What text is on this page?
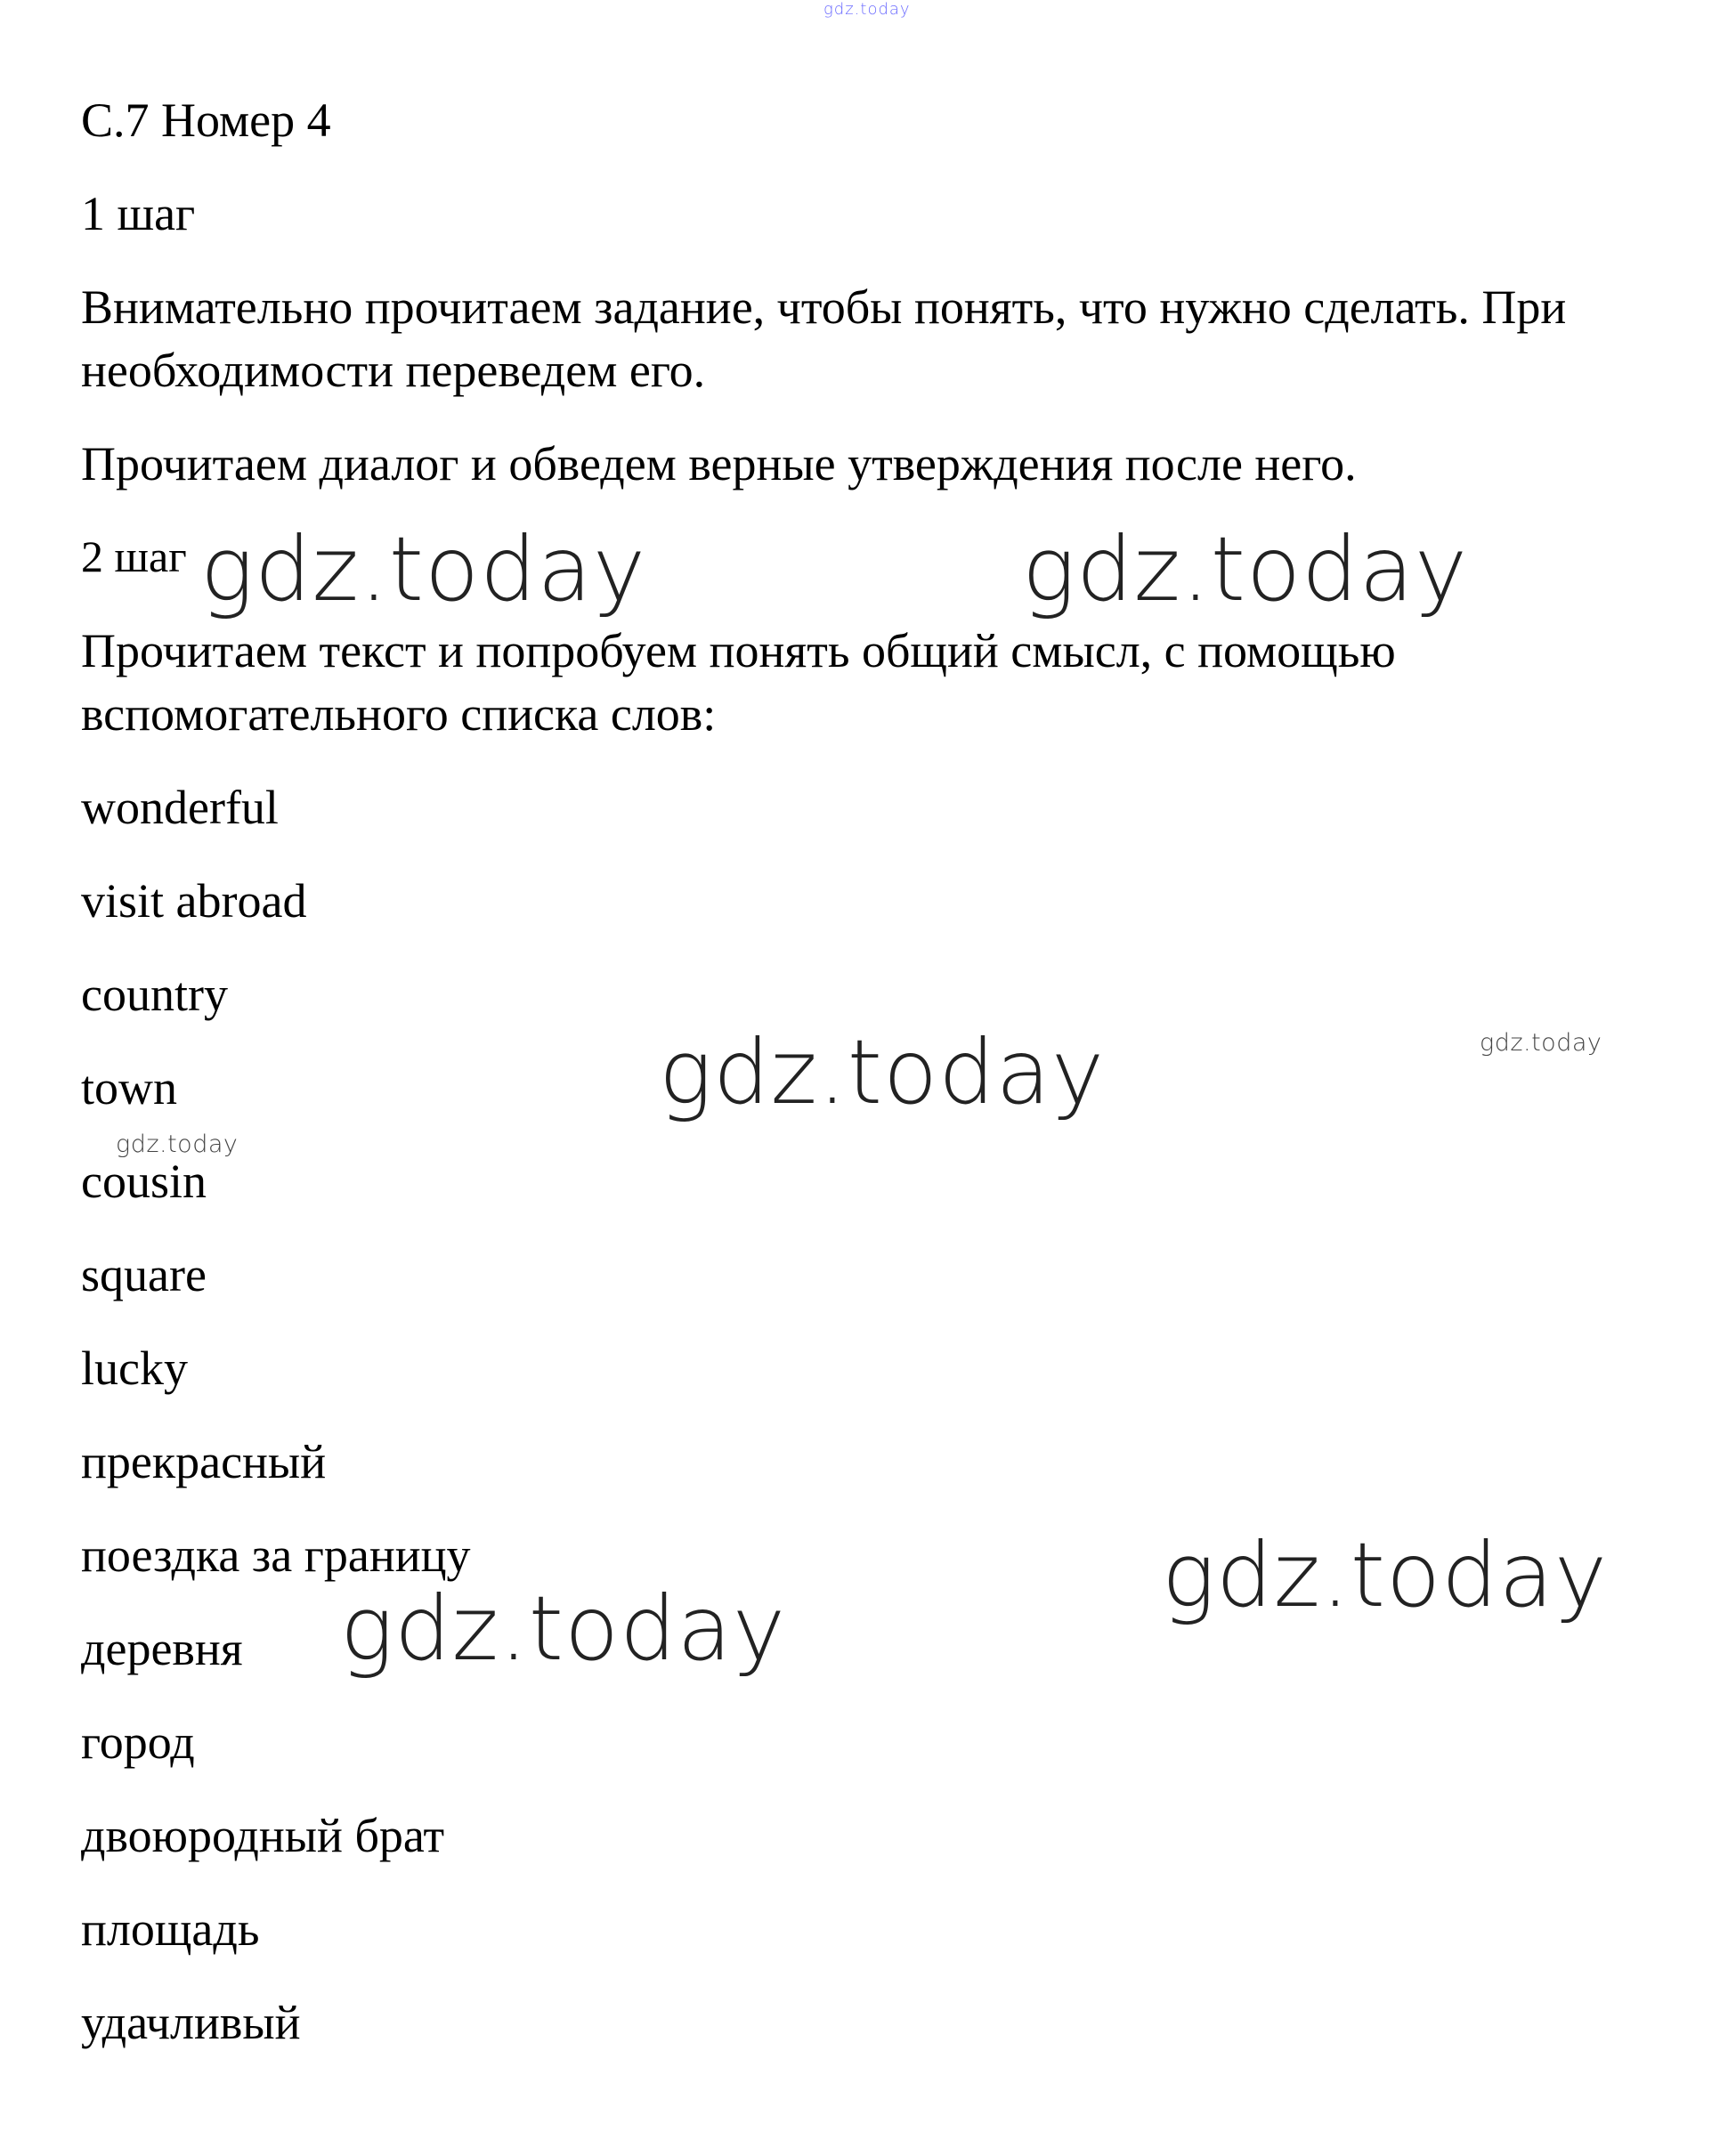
gdz.today
gdz.today	gdz.today
gdz.today	gdz.today
gdz.today
gdz.today
gdz.today
С.7 Номер 4
1 шаг
Внимательно прочитаем задание, чтобы понять, что нужно сделать. При
необходимости переведем его.
Прочитаем диалог и обведем верные утверждения после него.
2 шаг
Прочитаем текст и попробуем понять общий смысл, с помощью
вспомогательного списка слов:
wonderful
visit abroad
country
town
cousin
square
lucky
прекрасный
поездка за границу
деревня
город
двоюродный брат
площадь
удачливый
